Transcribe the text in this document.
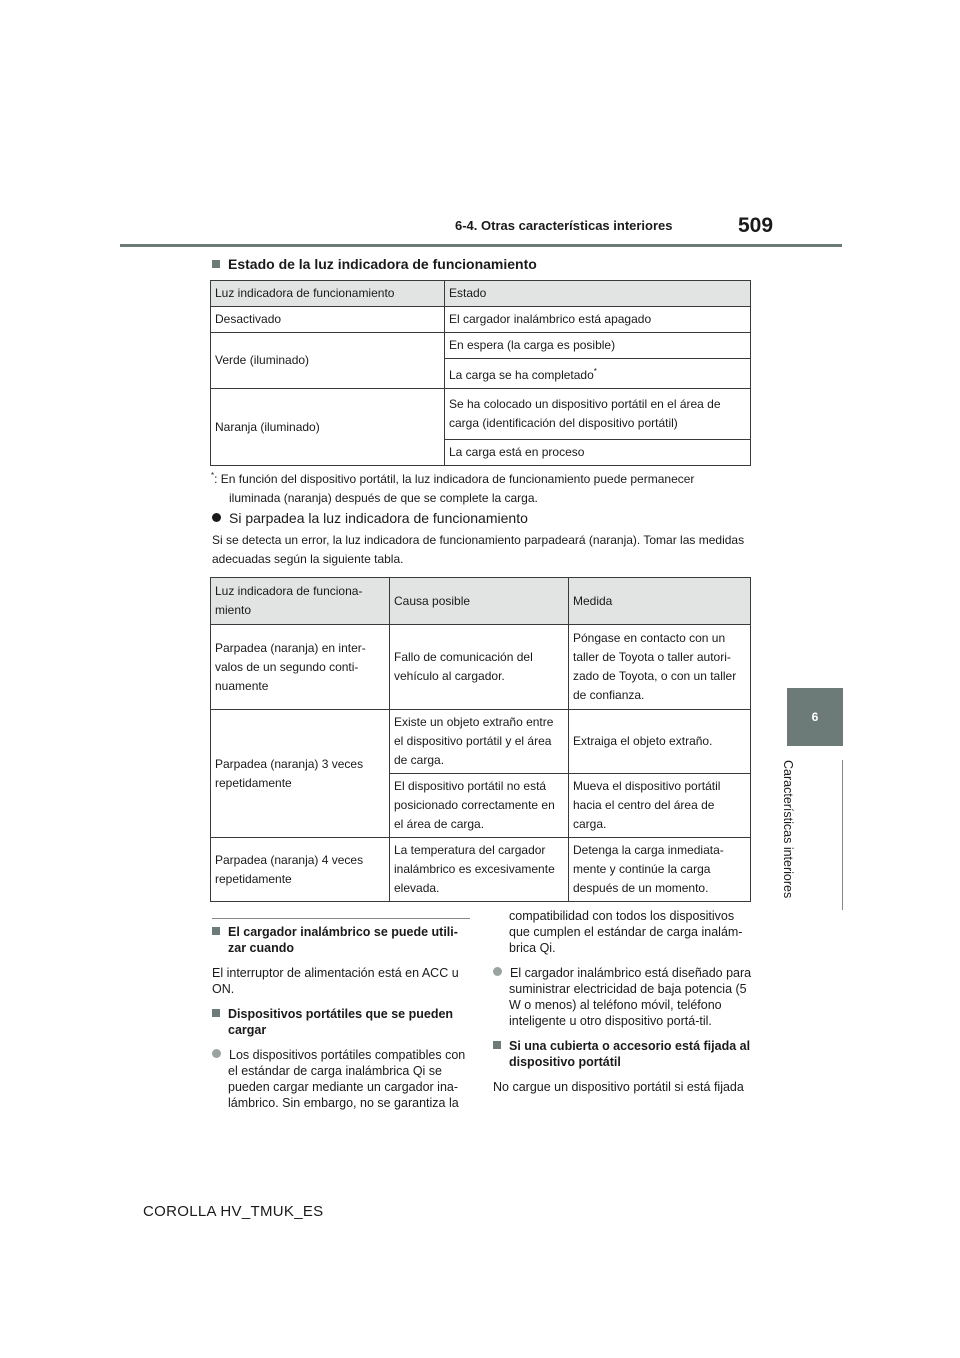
6-4. Otras características interiores	509
6
Características interiores
Estado de la luz indicadora de funcionamiento
Luz indicadora de funcionamiento	Estado
Desactivado	El cargador inalámbrico está apagado
Verde (iluminado)	En espera (la carga es posible)
	La carga se ha completado*
Naranja (iluminado)	Se ha colocado un dispositivo portátil en el área de carga (identificación del dispositivo portátil)
	La carga está en proceso
*: En función del dispositivo portátil, la luz indicadora de funcionamiento puede permanecer
iluminada (naranja) después de que se complete la carga.
Si parpadea la luz indicadora de funcionamiento
Si se detecta un error, la luz indicadora de funcionamiento parpadeará (naranja). Tomar las medidas adecuadas según la siguiente tabla.
Luz indicadora de funciona-miento	Causa posible	Medida
Parpadea (naranja) en inter-valos de un segundo conti-nuamente	Fallo de comunicación del vehículo al cargador.	Póngase en contacto con un taller de Toyota o taller autori-zado de Toyota, o con un taller de confianza.
Parpadea (naranja) 3 veces repetidamente	Existe un objeto extraño entre el dispositivo portátil y el área de carga.	Extraiga el objeto extraño.
	El dispositivo portátil no está posicionado correctamente en el área de carga.	Mueva el dispositivo portátil hacia el centro del área de carga.
Parpadea (naranja) 4 veces repetidamente	La temperatura del cargador inalámbrico es excesivamente elevada.	Detenga la carga inmediata-mente y continúe la carga después de un momento.

El cargador inalámbrico se puede utili-zar cuando

El interruptor de alimentación está en ACC u ON.

Dispositivos portátiles que se pueden cargar

Los dispositivos portátiles compatibles con el estándar de carga inalámbrica Qi se pueden cargar mediante un cargador ina-lámbrico. Sin embargo, no se garantiza la

compatibilidad con todos los dispositivos que cumplen el estándar de carga inalám-brica Qi.

El cargador inalámbrico está diseñado para suministrar electricidad de baja potencia (5 W o menos) al teléfono móvil, teléfono inteligente u otro dispositivo portá-til.

Si una cubierta o accesorio está fijada al dispositivo portátil

No cargue un dispositivo portátil si está fijada

COROLLA HV_TMUK_ES
